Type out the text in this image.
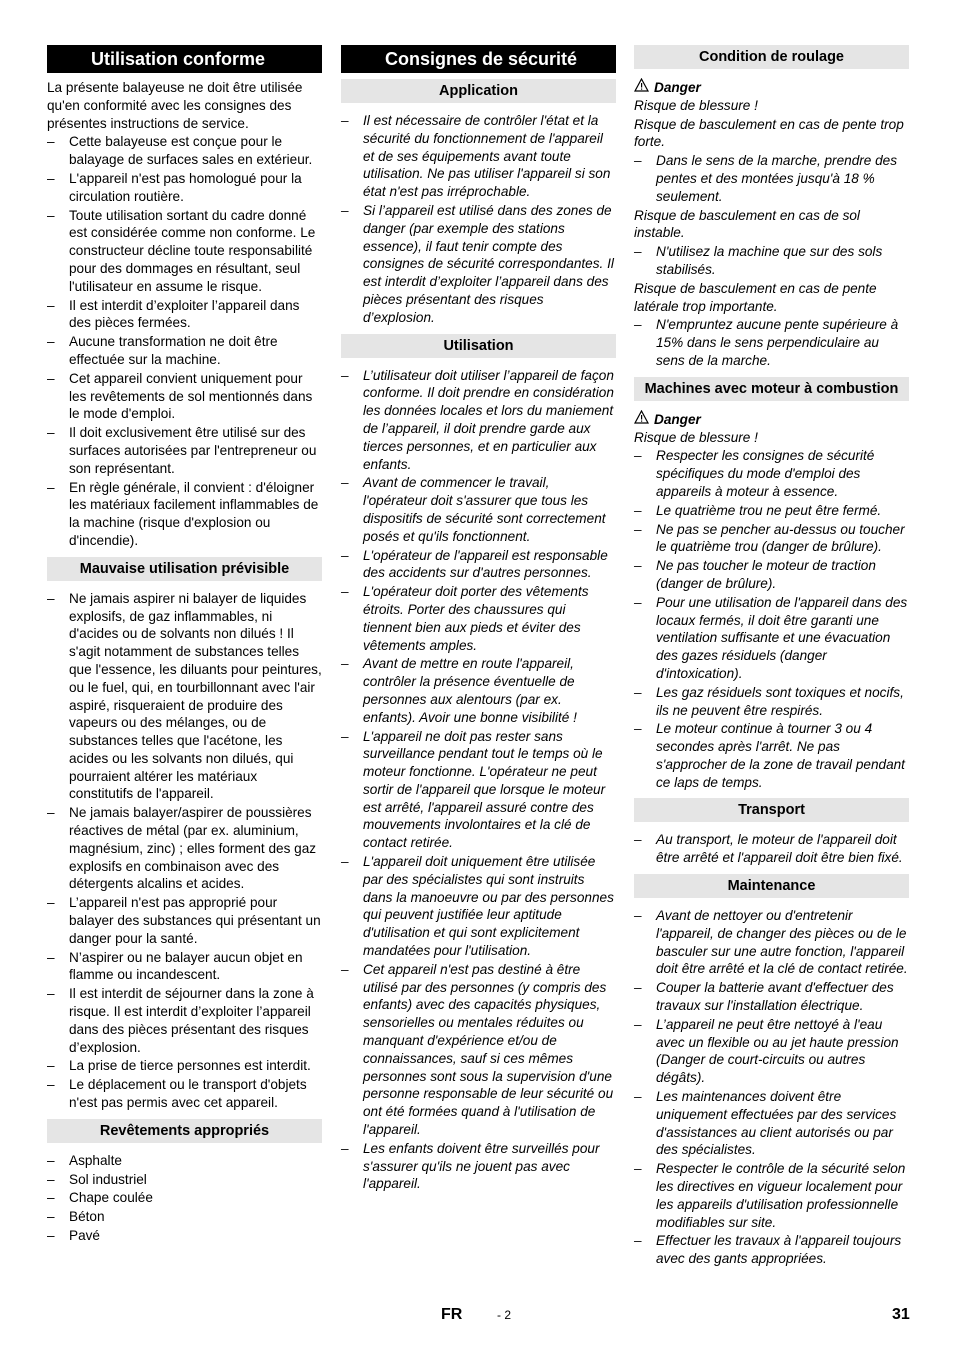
Utilisation conforme

La présente balayeuse ne doit être utilisée qu'en conformité avec les consignes des présentes instructions de service.

– Cette balayeuse est conçue pour le balayage de surfaces sales en extérieur.
– L'appareil n'est pas homologué pour la circulation routière.
– Toute utilisation sortant du cadre donné est considérée comme non conforme. Le constructeur décline toute responsabilité pour des dommages en résultant, seul l'utilisateur en assume le risque.
– Il est interdit d’exploiter l’appareil dans des pièces fermées.
– Aucune transformation ne doit être effectuée sur la machine.
– Cet appareil convient uniquement pour les revêtements de sol mentionnés dans le mode d'emploi.
– Il doit exclusivement être utilisé sur des surfaces autorisées par l'entrepreneur ou son représentant.
– En règle générale, il convient : d'éloigner les matériaux facilement inflammables de la machine (risque d'explosion ou d'incendie).
Mauvaise utilisation prévisible
– Ne jamais aspirer ni balayer de liquides explosifs, de gaz inflammables, ni d'acides ou de solvants non dilués ! Il s'agit notamment de substances telles que l'essence, les diluants pour peintures, ou le fuel, qui, en tourbillonnant avec l'air aspiré, risqueraient de produire des vapeurs ou des mélanges, ou de substances telles que l'acétone, les acides ou les solvants non dilués, qui pourraient altérer les matériaux constitutifs de l'appareil.
– Ne jamais balayer/aspirer de poussières réactives de métal (par ex. aluminium, magnésium, zinc) ; elles forment des gaz explosifs en combinaison avec des détergents alcalins et acides.
– L’appareil n'est pas approprié pour balayer des substances qui présentant un danger pour la santé.
– N’aspirer ou ne balayer aucun objet en flamme ou incandescent.
– Il est interdit de séjourner dans la zone à risque. Il est interdit d’exploiter l’appareil dans des pièces présentant des risques d’explosion.
– La prise de tierce personnes est interdit.
– Le déplacement ou le transport d'objets n'est pas permis avec cet appareil.
Revêtements appropriés
– Asphalte
– Sol industriel
– Chape coulée
– Béton
– Pavé
Consignes de sécurité
Application
– Il est nécessaire de contrôler l'état et la sécurité du fonctionnement de l'appareil et de ses équipements avant toute utilisation. Ne pas utiliser l'appareil si son état n'est pas irréprochable.
– Si l’appareil est utilisé dans des zones de danger (par exemple des stations essence), il faut tenir compte des consignes de sécurité correspondantes. Il est interdit d’exploiter l’appareil dans des pièces présentant des risques d’explosion.
Utilisation
– L’utilisateur doit utiliser l’appareil de façon conforme. Il doit prendre en considération les données locales et lors du maniement de l’appareil, il doit prendre garde aux tierces personnes, et en particulier aux enfants.
– Avant de commencer le travail, l'opérateur doit s'assurer que tous les dispositifs de sécurité sont correctement posés et qu'ils fonctionnent.
– L'opérateur de l'appareil est responsable des accidents sur d'autres personnes.
– L'opérateur doit porter des vêtements étroits. Porter des chaussures qui tiennent bien aux pieds et éviter des vêtements amples.
– Avant de mettre en route l'appareil, contrôler la présence éventuelle de personnes aux alentours (par ex. enfants). Avoir une bonne visibilité !
– L'appareil ne doit pas rester sans surveillance pendant tout le temps où le moteur fonctionne. L'opérateur ne peut sortir de l'appareil que lorsque le moteur est arrêté, l'appareil assuré contre des mouvements involontaires et la clé de contact retirée.
– L'appareil doit uniquement être utilisée par des spécialistes qui sont instruits dans la manoeuvre ou par des personnes qui peuvent justifiée leur aptitude d'utilisation et qui sont explicitement mandatées pour l'utilisation.
– Cet appareil n'est pas destiné à être utilisé par des personnes (y compris des enfants) avec des capacités physiques, sensorielles ou mentales réduites ou manquant d'expérience et/ou de connaissances, sauf si ces mêmes personnes sont sous la supervision d'une personne responsable de leur sécurité ou ont été formées quand à l'utilisation de l'appareil.
– Les enfants doivent être surveillés pour s'assurer qu'ils ne jouent pas avec l'appareil.
Condition de roulage
Danger

Risque de blessure !

Risque de basculement en cas de pente trop forte.

– Dans le sens de la marche, prendre des pentes et des montées jusqu'à 18 % seulement.

Risque de basculement en cas de sol instable.

– N'utilisez la machine que sur des sols stabilisés.

Risque de basculement en cas de pente latérale trop importante.

– N'empruntez aucune pente supérieure à 15% dans le sens perpendiculaire au sens de la marche.
Machines avec moteur à combustion
Danger

Risque de blessure !

– Respecter les consignes de sécurité spécifiques du mode d'emploi des appareils à moteur à essence.
– Le quatrième trou ne peut être fermé.
– Ne pas se pencher au-dessus ou toucher le quatrième trou (danger de brûlure).
– Ne pas toucher le moteur de traction (danger de brûlure).
– Pour une utilisation de l'appareil dans des locaux fermés, il doit être garanti une ventilation suffisante et une évacuation des gazes résiduels (danger d'intoxication).
– Les gaz résiduels sont toxiques et nocifs, ils ne peuvent être respirés.
– Le moteur continue à tourner 3 ou 4 secondes après l'arrêt. Ne pas s'approcher de la zone de travail pendant ce laps de temps.
Transport
– Au transport, le moteur de l'appareil doit être arrêté et l'appareil doit être bien fixé.
Maintenance
– Avant de nettoyer ou d'entretenir l'appareil, de changer des pièces ou de le basculer sur une autre fonction, l'appareil doit être arrêté et la clé de contact retirée.
– Couper la batterie avant d'effectuer des travaux sur l'installation électrique.
– L’appareil ne peut être nettoyé à l'eau avec un flexible ou au jet haute pression (Danger de court-circuits ou autres dégâts).
– Les maintenances doivent être uniquement effectuées par des services d'assistances au client autorisés ou par des spécialistes.
– Respecter le contrôle de la sécurité selon les directives en vigueur localement pour les appareils d'utilisation professionnelle modifiables sur site.
– Effectuer les travaux à l'appareil toujours avec des gants appropriées.
FR	- 2	31
